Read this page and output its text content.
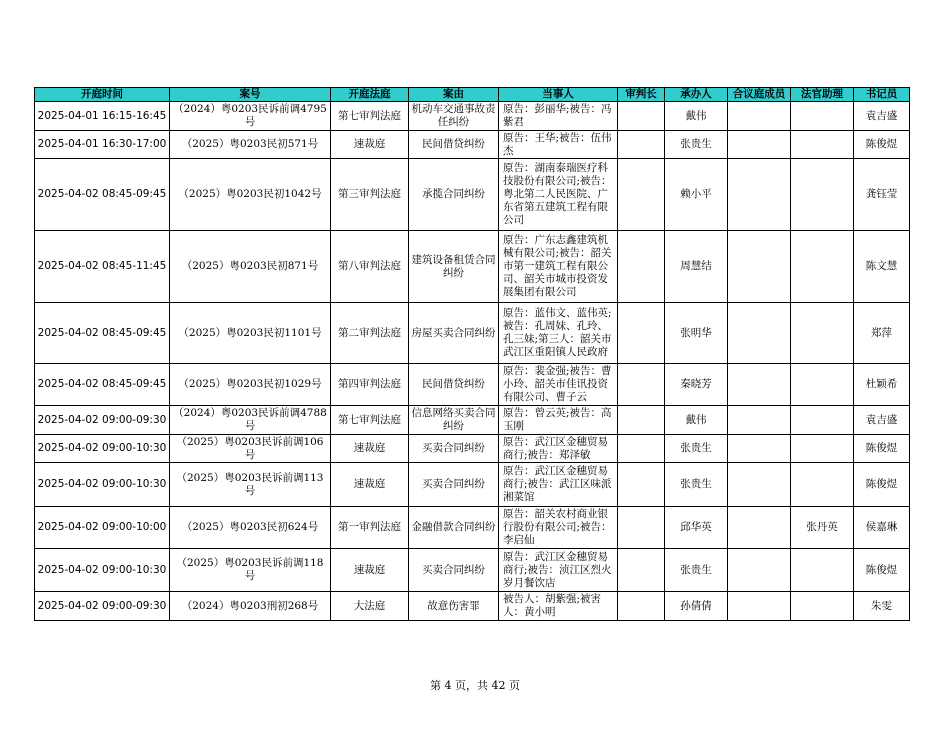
开庭时间	案号	开庭法庭	案由	当事人	审判长	承办人	合议庭成员	法官助理	书记员
2025-04-01 16:15-16:45	（2024）粤0203民诉前调4795号	第七审判法庭	机动车交通事故责任纠纷	原告：彭丽华;被告：冯紫君		戴伟			袁吉盛
2025-04-01 16:30-17:00	（2025）粤0203民初571号	速裁庭	民间借贷纠纷	原告：王华;被告：伍伟杰		张贵生			陈俊煜
2025-04-02 08:45-09:45	（2025）粤0203民初1042号	第三审判法庭	承揽合同纠纷	原告：湖南泰瑞医疗科技股份有限公司;被告：粤北第二人民医院、广东省第五建筑工程有限公司		赖小平			龚钰莹
2025-04-02 08:45-11:45	（2025）粤0203民初871号	第八审判法庭	建筑设备租赁合同纠纷	原告：广东志鑫建筑机械有限公司;被告：韶关市第一建筑工程有限公司、韶关市城市投资发展集团有限公司		周慧结			陈文慧
2025-04-02 08:45-09:45	（2025）粤0203民初1101号	第二审判法庭	房屋买卖合同纠纷	原告：蓝伟文、蓝伟英;被告：孔周妹、孔玲、孔三妹;第三人：韶关市武江区重阳镇人民政府		张明华			郑萍
2025-04-02 08:45-09:45	（2025）粤0203民初1029号	第四审判法庭	民间借贷纠纷	原告：裴金强;被告：曹小玲、韶关市佳讯投资有限公司、曹子云		秦晓芳			杜颖希
2025-04-02 09:00-09:30	（2024）粤0203民诉前调4788号	第七审判法庭	信息网络买卖合同纠纷	原告：曾云英;被告：高玉刚		戴伟			袁吉盛
2025-04-02 09:00-10:30	（2025）粤0203民诉前调106号	速裁庭	买卖合同纠纷	原告：武江区金穗贸易商行;被告：郑泽敏		张贵生			陈俊煜
2025-04-02 09:00-10:30	（2025）粤0203民诉前调113号	速裁庭	买卖合同纠纷	原告：武江区金穗贸易商行;被告：武江区味派湘菜馆		张贵生			陈俊煜
2025-04-02 09:00-10:00	（2025）粤0203民初624号	第一审判法庭	金融借款合同纠纷	原告：韶关农村商业银行股份有限公司;被告：李启仙		邱华英		张丹英	侯嘉琳
2025-04-02 09:00-10:30	（2025）粤0203民诉前调118号	速裁庭	买卖合同纠纷	原告：武江区金穗贸易商行;被告：浈江区烈火岁月餐饮店		张贵生			陈俊煜
2025-04-02 09:00-09:30	（2024）粤0203刑初268号	大法庭	故意伤害罪	被告人：胡紫强;被害人：黄小明		孙倩倩			朱雯
第 4 页，共 42 页
